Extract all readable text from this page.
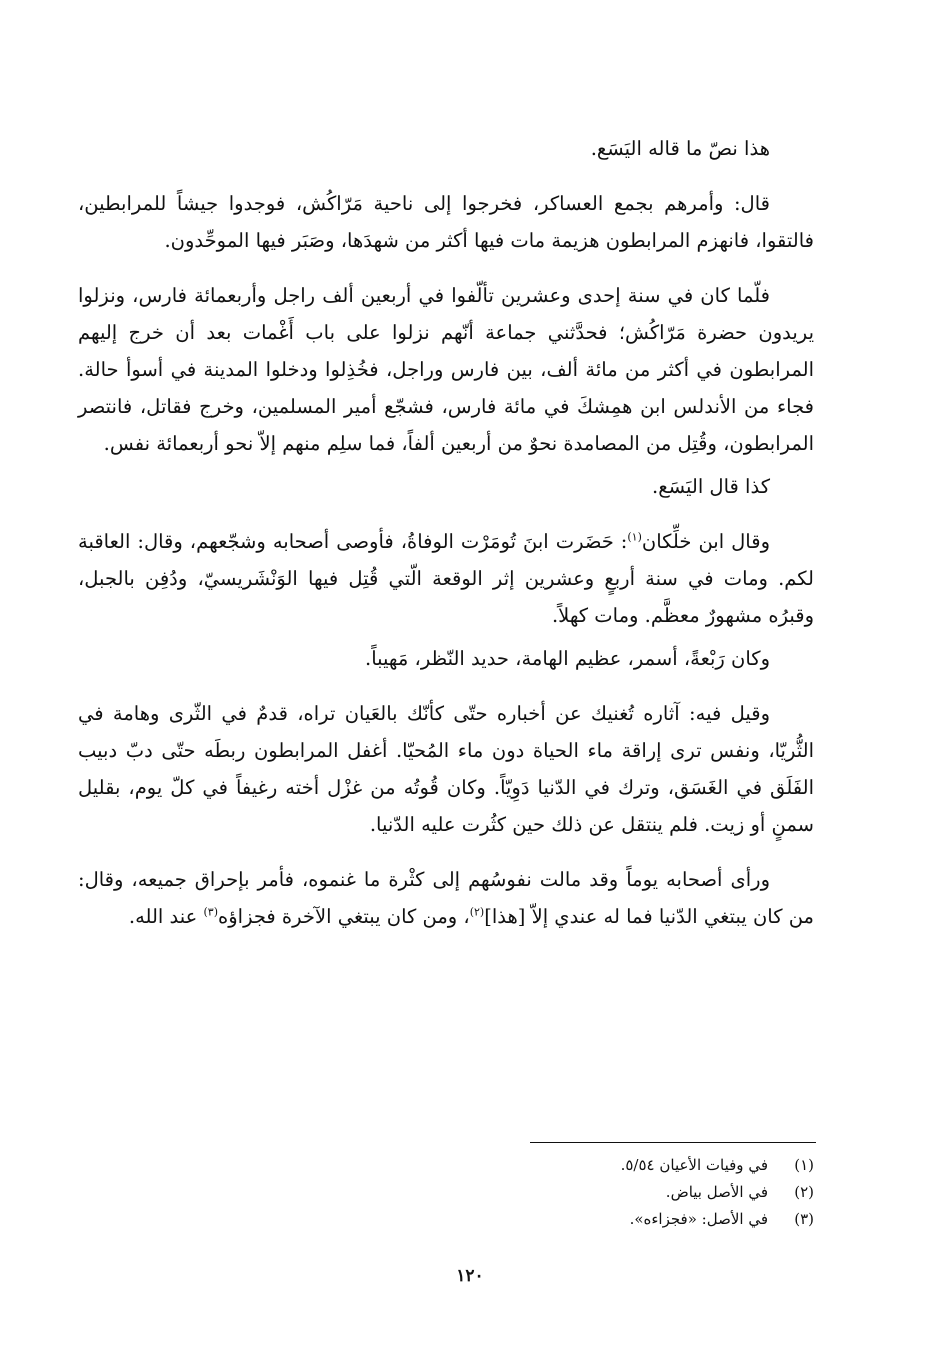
هذا نصّ ما قاله اليَسَع.

قال: وأمرهم بجمع العساكر، فخرجوا إلى ناحية مَرّاكُش، فوجدوا جيشاً للمرابطين، فالتقوا، فانهزم المرابطون هزيمة مات فيها أكثر من شهدَها، وصَبَر فيها الموحِّدون.

فلّما كان في سنة إحدى وعشرين تألّفوا في أربعين ألف راجل وأربعمائة فارس، ونزلوا يريدون حضرة مَرّاكُش؛ فحدَّثني جماعة أنّهم نزلوا على باب أَغْمات بعد أن خرج إليهم المرابطون في أكثر من مائة ألف، بين فارس وراجل، فخُذِلوا ودخلوا المدينة في أسوأ حالة. فجاء من الأندلس ابن همِشكَ في مائة فارس، فشجّع أمير المسلمين، وخرج فقاتل، فانتصر المرابطون، وقُتِل من المصامدة نحوٌ من أربعين ألفاً، فما سلِم منهم إلاّ نحو أربعمائة نفس.

كذا قال اليَسَع.

وقال ابن خلِّكان$^{(١)}$: حَضَرت ابنَ تُومَرْت الوفاةُ، فأوصى أصحابه وشجّعهم، وقال: العاقبة لكم. ومات في سنة أربعٍ وعشرين إثر الوقعة الّتي قُتِل فيها الوَنْشَريسيّ، ودُفِن بالجبل، وقبرُه مشهورٌ معظَّم. ومات كهلاً.

وكان رَبْعةً، أسمر، عظيم الهامة، حديد النّظر، مَهيباً.

وقيل فيه: آثاره تُغنيك عن أخباره حتّى كأنّك بالعَيان تراه، قدمٌ في الثّرى وهامة في الثُّريّا، ونفس ترى إراقة ماء الحياة دون ماء المُحيّا. أغفل المرابطون ربطَه حتّى دبّ دبيب الفَلَق في الغَسَق، وترك في الدّنيا دَوِيّاً. وكان قُوتُه من غزْل أخته رغيفاً في كلّ يوم، بقليل سمنٍ أو زيت. فلم ينتقل عن ذلك حين كثُرت عليه الدّنيا.

ورأى أصحابه يوماً وقد مالت نفوسُهم إلى كثْرة ما غنموه، فأمر بإحراق جميعه، وقال: من كان يبتغي الدّنيا فما له عندي إلاّ [هذا]$^{(٢)}$، ومن كان يبتغي الآخرة فجزاؤه$^{(٣)}$ عند الله.

(١)
في وفيات الأعيان ٥/٥٤.
(٢)
في الأصل بياض.
(٣)
في الأصل: «فجزاءه».
١٢٠
